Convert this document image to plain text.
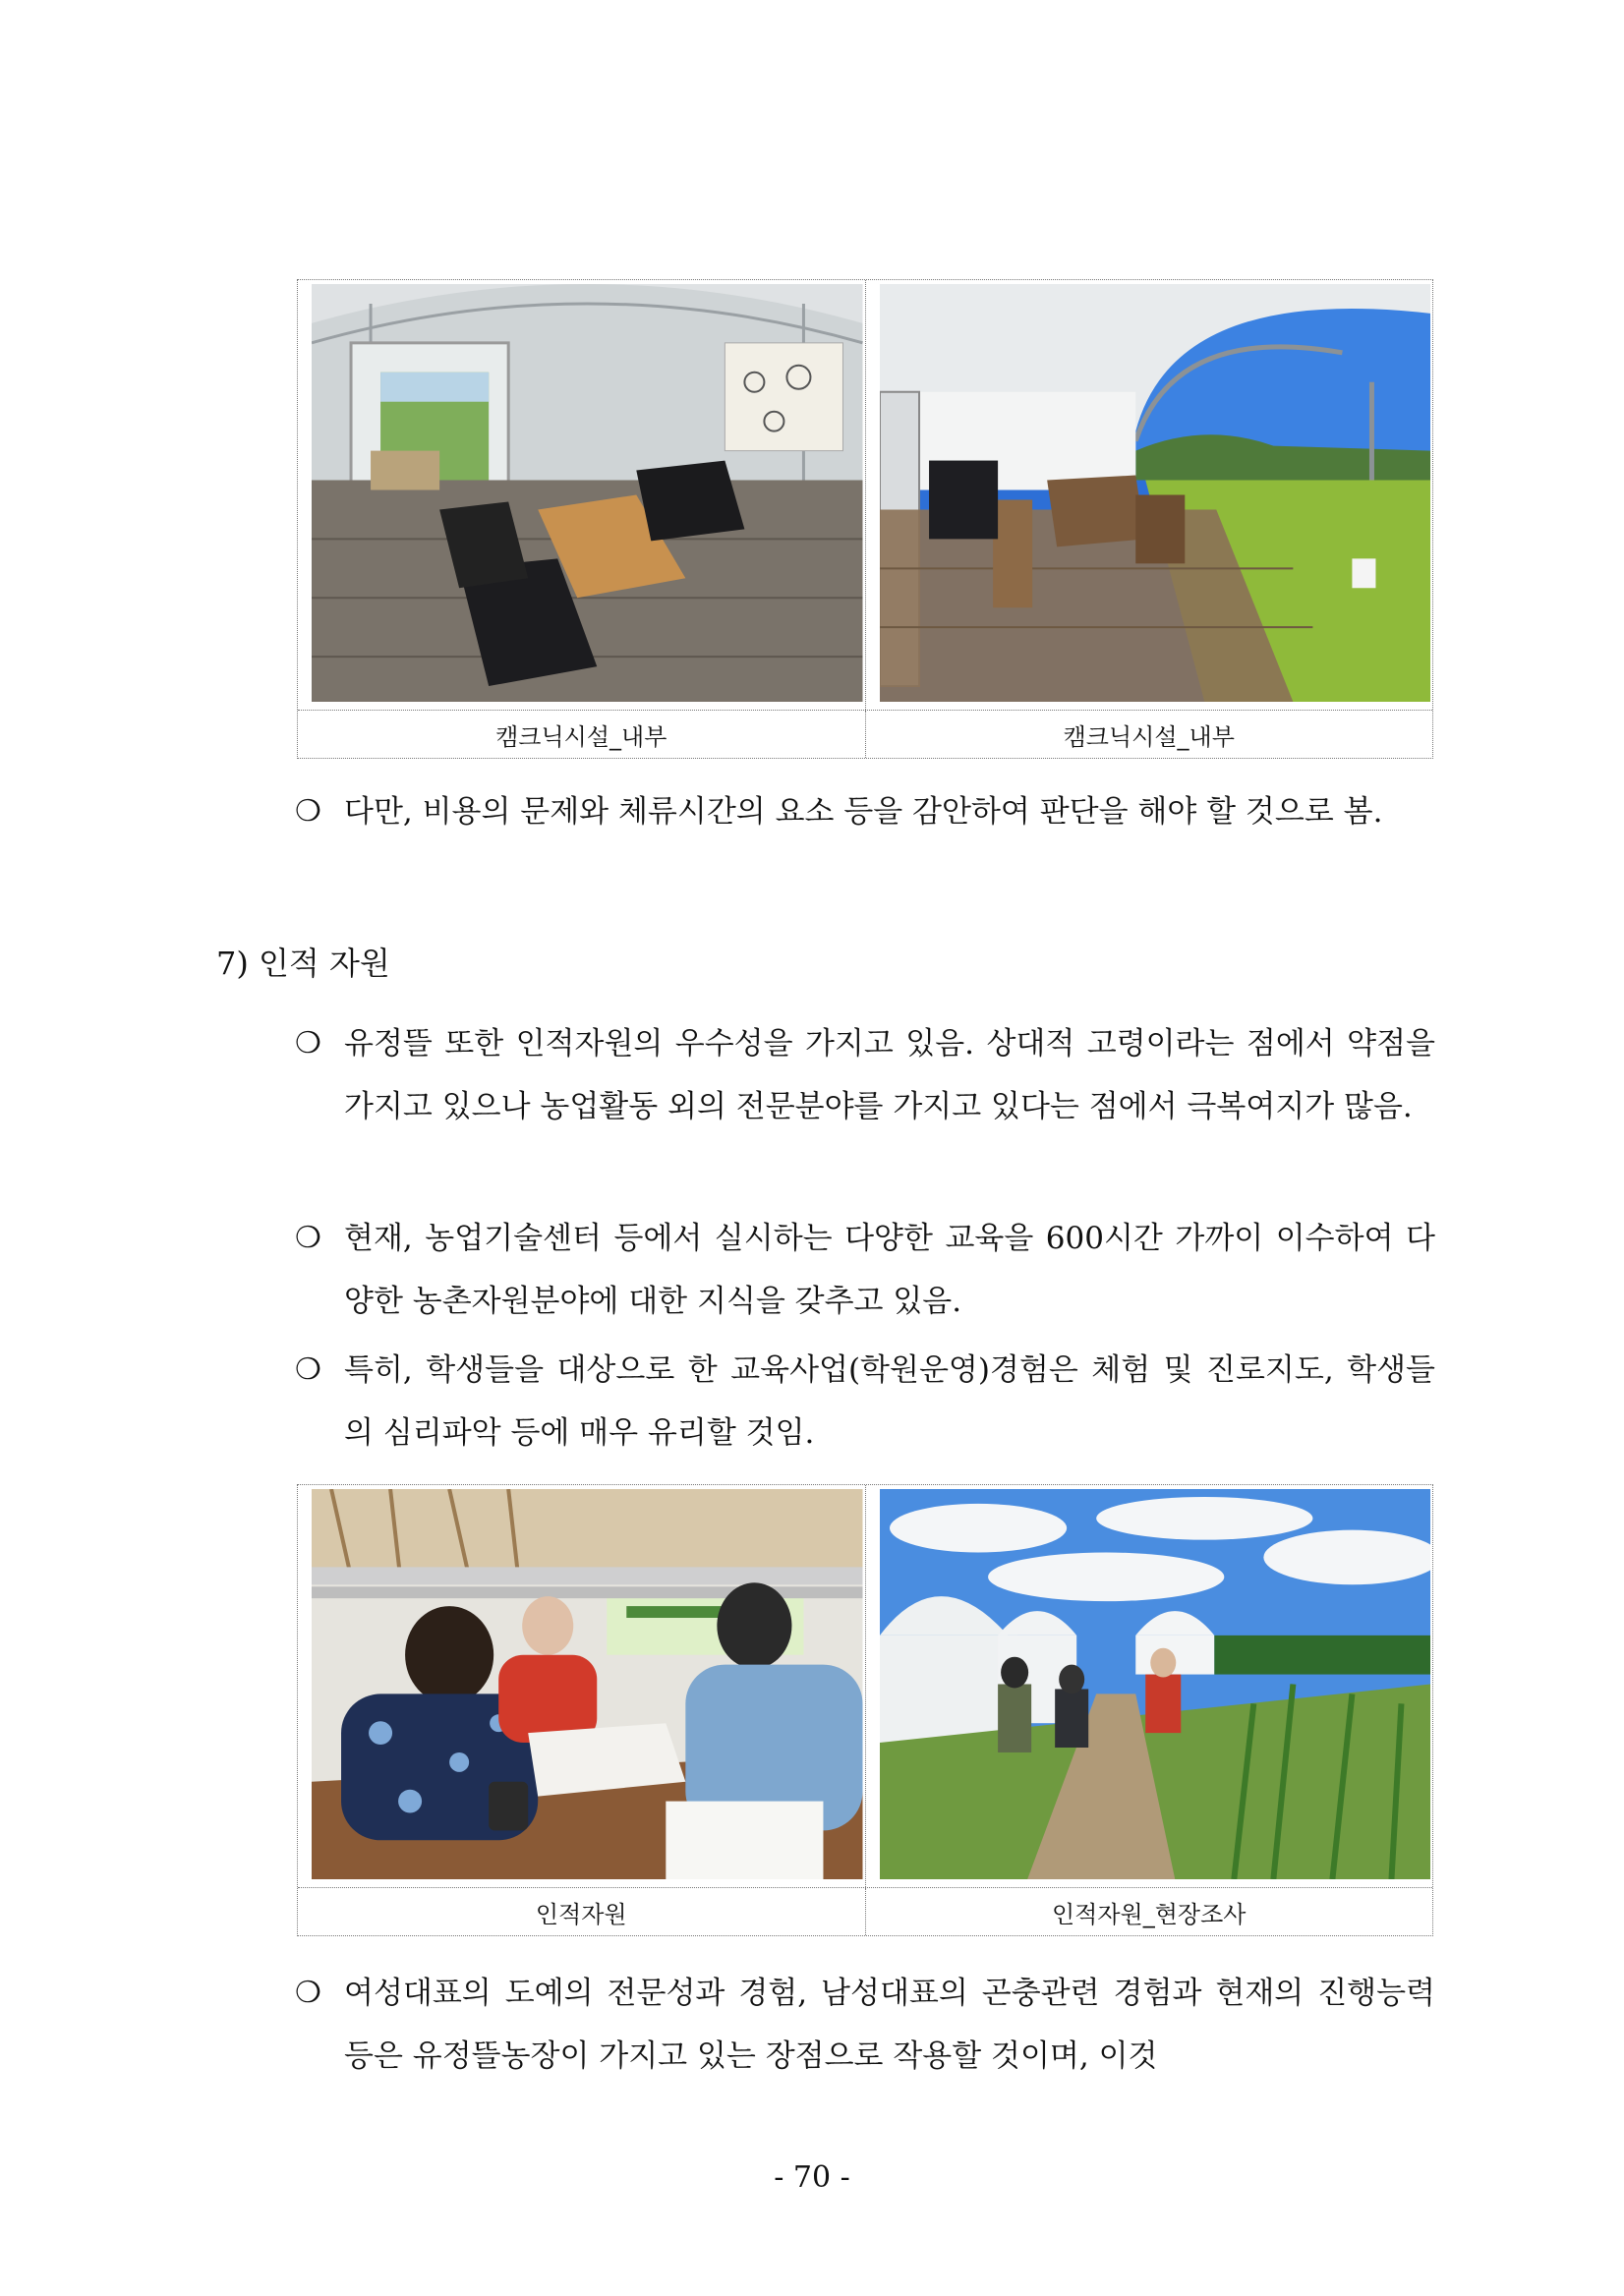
캠크닉시설_내부	캠크닉시설_내부
❍ 다만, 비용의 문제와 체류시간의 요소 등을 감안하여 판단을 해야 할 것으로 봄.
7) 인적 자원
❍ 유정뜰 또한 인적자원의 우수성을 가지고 있음. 상대적 고령이라는 점에서 약점을 가지고 있으나 농업활동 외의 전문분야를 가지고 있다는 점에서 극복여지가 많음.
❍ 현재, 농업기술센터 등에서 실시하는 다양한 교육을 600시간 가까이 이수하여 다양한 농촌자원분야에 대한 지식을 갖추고 있음.
❍ 특히, 학생들을 대상으로 한 교육사업(학원운영)경험은 체험 및 진로지도, 학생들의 심리파악 등에 매우 유리할 것임.
인적자원	인적자원_현장조사
❍ 여성대표의 도예의 전문성과 경험, 남성대표의 곤충관련 경험과 현재의 진행능력 등은 유정뜰농장이 가지고 있는 장점으로 작용할 것이며, 이것
- 70 -
